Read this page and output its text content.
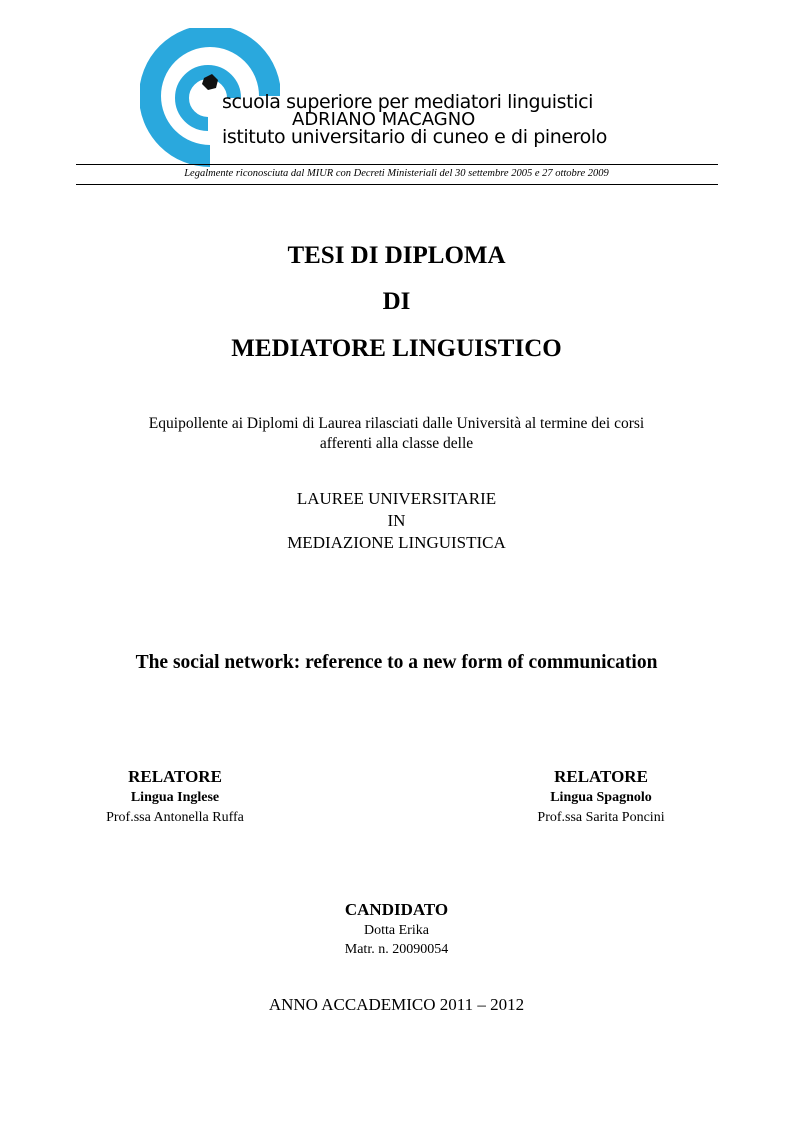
scuola superiore per mediatori linguistici
ADRIANO MACAGNO
istituto universitario di cuneo e di pinerolo
Legalmente riconosciuta dal MIUR con Decreti Ministeriali del 30 settembre 2005 e 27 ottobre 2009
TESI DI DIPLOMA
DI
MEDIATORE LINGUISTICO
Equipollente ai Diplomi di Laurea rilasciati dalle Università al termine dei corsi
afferenti alla classe delle
LAUREE UNIVERSITARIE
IN
MEDIAZIONE LINGUISTICA
The social network: reference to a new form of communication
RELATORE
Lingua Inglese
Prof.ssa Antonella Ruffa
RELATORE
Lingua Spagnolo
Prof.ssa Sarita Poncini
CANDIDATO
Dotta Erika
Matr. n. 20090054
ANNO ACCADEMICO 2011 – 2012
